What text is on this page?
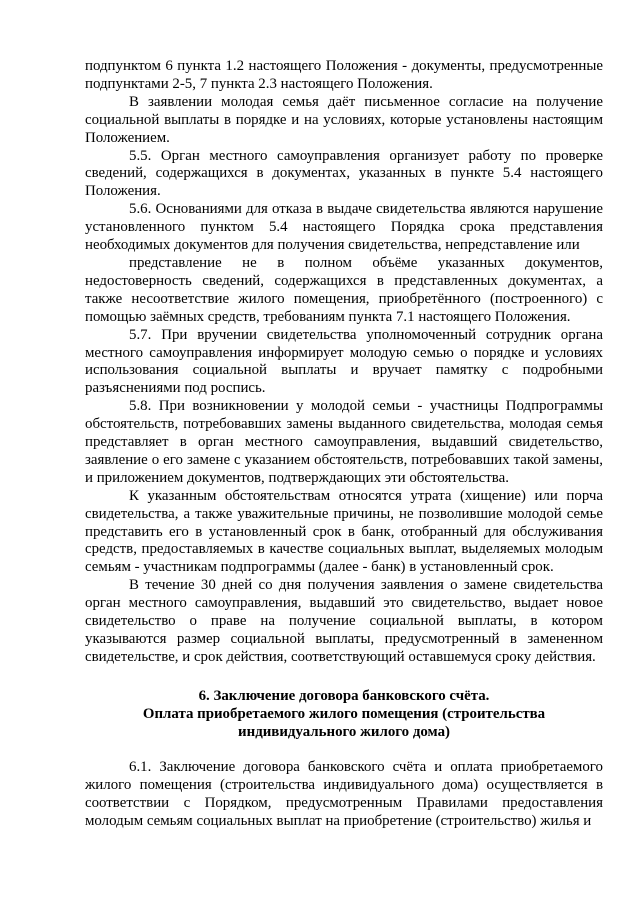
подпунктом 6 пункта 1.2 настоящего Положения - документы, предусмотренные подпунктами 2-5, 7 пункта 2.3 настоящего Положения.

В заявлении молодая семья даёт письменное согласие на получение социальной выплаты в порядке и на условиях, которые установлены настоящим Положением.

5.5. Орган местного самоуправления организует работу по проверке сведений, содержащихся в документах, указанных в пункте 5.4 настоящего Положения.

5.6. Основаниями для отказа в выдаче свидетельства являются нарушение установленного пунктом 5.4 настоящего Порядка срока представления необходимых документов для получения свидетельства, непредставление или

представление не в полном объёме указанных документов, недостоверность сведений, содержащихся в представленных документах, а также несоответствие жилого помещения, приобретённого (построенного) с помощью заёмных средств, требованиям пункта 7.1 настоящего Положения.

5.7. При вручении свидетельства уполномоченный сотрудник органа местного самоуправления информирует молодую семью о порядке и условиях использования социальной выплаты и вручает памятку с подробными разъяснениями под роспись.

5.8. При возникновении у молодой семьи - участницы Подпрограммы обстоятельств, потребовавших замены выданного свидетельства, молодая семья представляет в орган местного самоуправления, выдавший свидетельство, заявление о его замене с указанием обстоятельств, потребовавших такой замены, и приложением документов, подтверждающих эти обстоятельства.

К указанным обстоятельствам относятся утрата (хищение) или порча свидетельства, а также уважительные причины, не позволившие молодой семье представить его в установленный срок в банк, отобранный для обслуживания средств, предоставляемых в качестве социальных выплат, выделяемых молодым семьям - участникам подпрограммы (далее - банк) в установленный срок.

В течение 30 дней со дня получения заявления о замене свидетельства орган местного самоуправления, выдавший это свидетельство, выдает новое свидетельство о праве на получение социальной выплаты, в котором указываются размер социальной выплаты, предусмотренный в замененном свидетельстве, и срок действия, соответствующий оставшемуся сроку действия.

6. Заключение договора банковского счёта.

Оплата приобретаемого жилого помещения (строительства

индивидуального жилого дома)

6.1. Заключение договора банковского счёта и оплата приобретаемого жилого помещения (строительства индивидуального дома) осуществляется в соответствии с Порядком, предусмотренным Правилами предоставления молодым семьям социальных выплат на приобретение (строительство) жилья и
